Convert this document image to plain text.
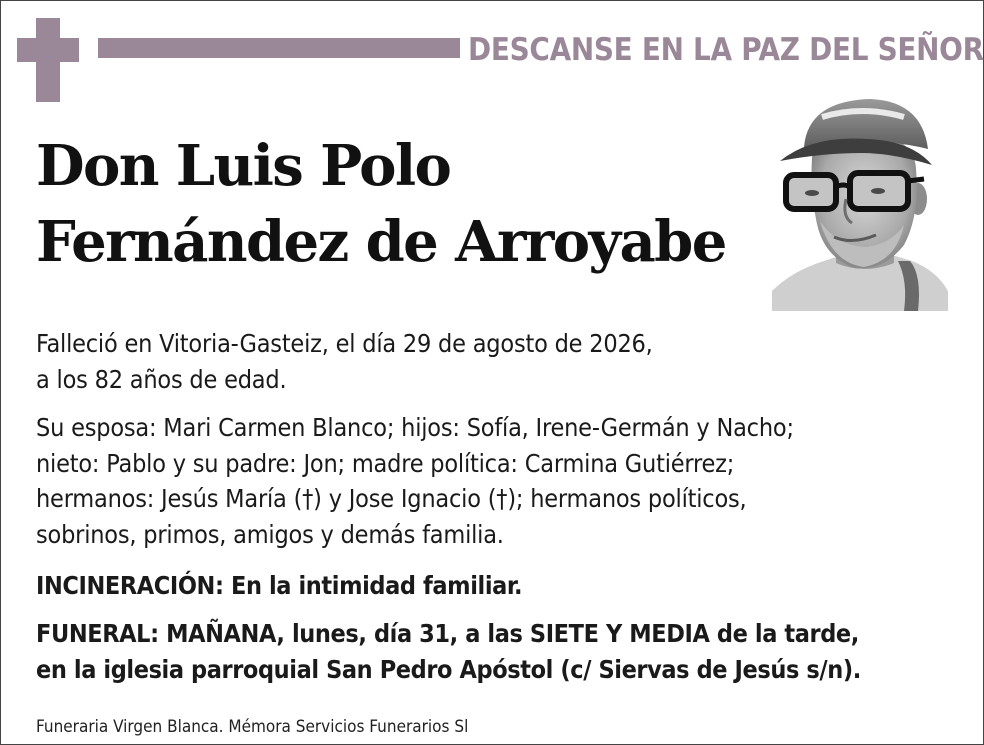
DESCANSE EN LA PAZ DEL SEÑOR
Don Luis Polo
Fernández de Arroyabe

Falleció en Vitoria-Gasteiz, el día 29 de agosto de 2026,
a los 82 años de edad.

Su esposa: Mari Carmen Blanco; hijos: Sofía, Irene-Germán y Nacho;
nieto: Pablo y su padre: Jon; madre política: Carmina Gutiérrez;
hermanos: Jesús María (†) y Jose Ignacio (†); hermanos políticos,
sobrinos, primos, amigos y demás familia.

INCINERACIÓN: En la intimidad familiar.

FUNERAL: MAÑANA, lunes, día 31, a las SIETE Y MEDIA de la tarde,
en la iglesia parroquial San Pedro Apóstol (c/ Siervas de Jesús s/n).

Funeraria Virgen Blanca. Mémora Servicios Funerarios Sl
